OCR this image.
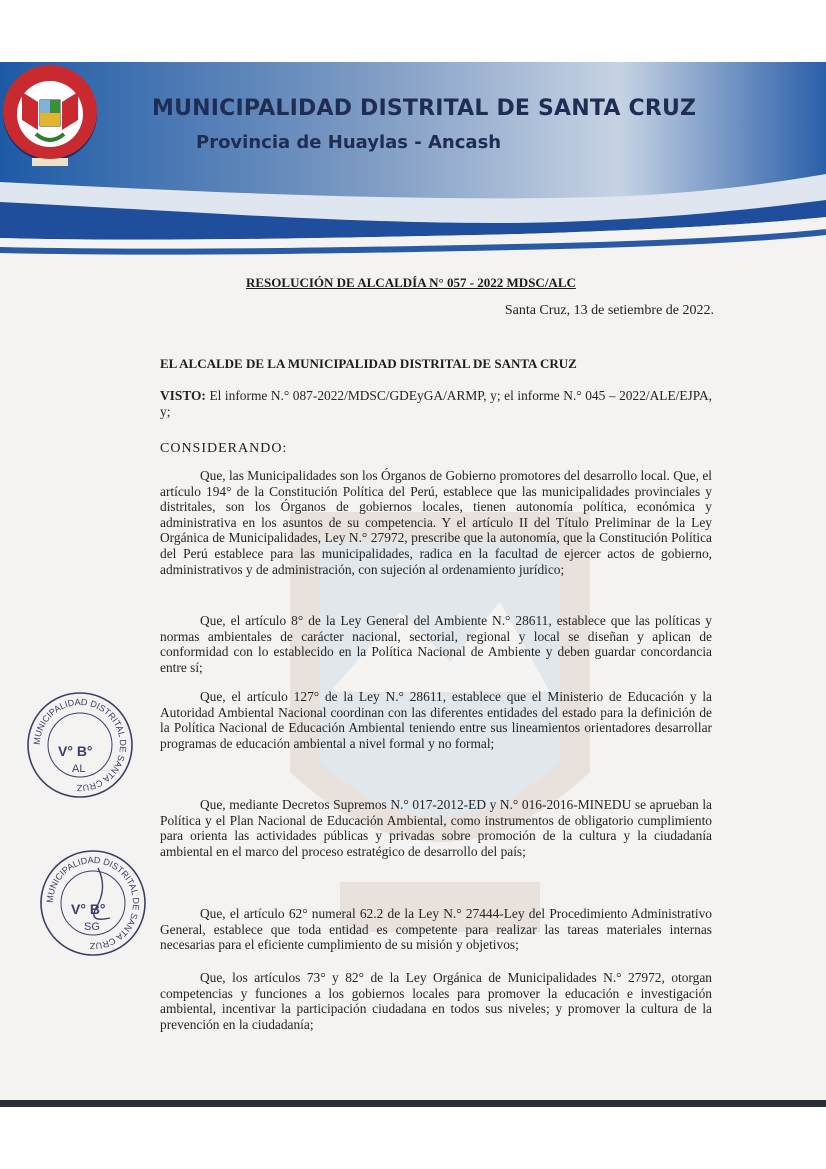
MUNICIPALIDAD DISTRITAL DE SANTA CRUZ
Provincia de Huaylas - Ancash
RESOLUCIÓN DE ALCALDÍA N° 057 - 2022 MDSC/ALC
Santa Cruz, 13 de setiembre de 2022.
EL ALCALDE DE LA MUNICIPALIDAD DISTRITAL DE SANTA CRUZ

VISTO: El informe N.° 087-2022/MDSC/GDEyGA/ARMP, y; el informe N.° 045 – 2022/ALE/EJPA, y;

CONSIDERANDO:
Que, las Municipalidades son los Órganos de Gobierno promotores del desarrollo local. Que, el artículo 194° de la Constitución Política del Perú, establece que las municipalidades provinciales y distritales, son los Órganos de gobiernos locales, tienen autonomía política, económica y administrativa en los asuntos de su competencia. Y el artículo II del Título Preliminar de la Ley Orgánica de Municipalidades, Ley N.° 27972, prescribe que la autonomía, que la Constitución Política del Perú establece para las municipalidades, radica en la facultad de ejercer actos de gobierno, administrativos y de administración, con sujeción al ordenamiento jurídico;
Que, el artículo 8° de la Ley General del Ambiente N.° 28611, establece que las políticas y normas ambientales de carácter nacional, sectorial, regional y local se diseñan y aplican de conformidad con lo establecido en la Política Nacional de Ambiente y deben guardar concordancia entre sí;
Que, el artículo 127° de la Ley N.° 28611, establece que el Ministerio de Educación y la Autoridad Ambiental Nacional coordinan con las diferentes entidades del estado para la definición de la Política Nacional de Educación Ambiental teniendo entre sus lineamientos orientadores desarrollar programas de educación ambiental a nivel formal y no formal;
Que, mediante Decretos Supremos N.° 017-2012-ED y N.° 016-2016-MINEDU se aprueban la Política y el Plan Nacional de Educación Ambiental, como instrumentos de obligatorio cumplimiento para orienta las actividades públicas y privadas sobre promoción de la cultura y la ciudadanía ambiental en el marco del proceso estratégico de desarrollo del país;
Que, el artículo 62° numeral 62.2 de la Ley N.° 27444-Ley del Procedimiento Administrativo General, establece que toda entidad es competente para realizar las tareas materiales internas necesarias para el eficiente cumplimiento de su misión y objetivos;
Que, los artículos 73° y 82° de la Ley Orgánica de Municipalidades N.° 27972, otorgan competencias y funciones a los gobiernos locales para promover la educación e investigación ambiental, incentivar la participación ciudadana en todos sus niveles; y promover la cultura de la prevención en la ciudadanía;
MUNICIPALIDAD DISTRITAL DE SANTA CRUZ
V° B°
AL
MUNICIPALIDAD DISTRITAL DE SANTA CRUZ
V° B°
SG
